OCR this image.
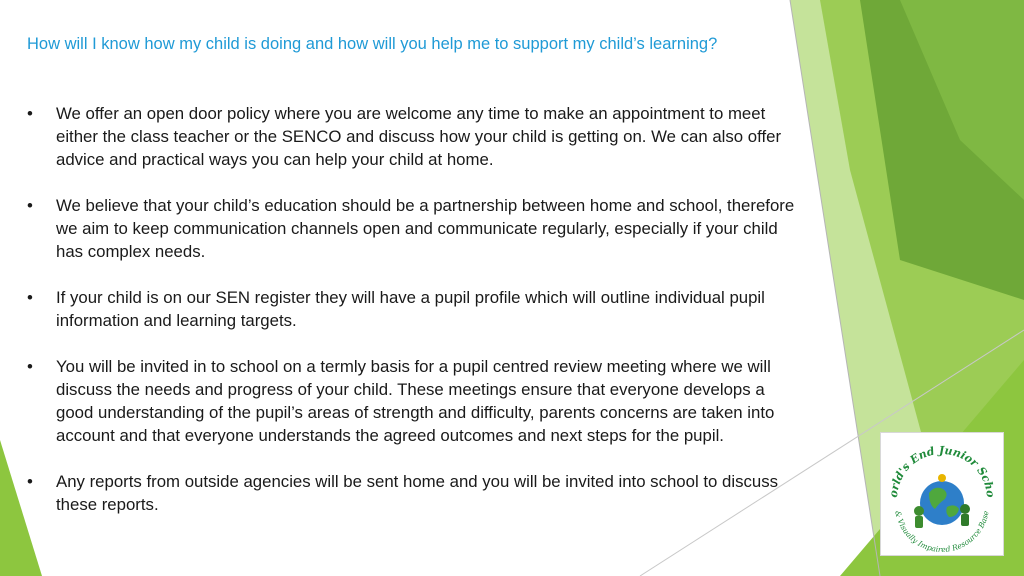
How will I know how my child is doing and how will you help me to support my child’s learning?
• We offer an open door policy where you are welcome any time to make an appointment to meet either the class teacher or the SENCO and discuss how your child is getting on. We can also offer advice and practical ways you can help your child at home.
• We believe that your child’s education should be a partnership between home and school, therefore we aim to keep communication channels open and communicate regularly, especially if your child has complex needs.
• If your child is on our SEN register they will have a pupil profile which will outline individual pupil information and learning targets.
• You will be invited in to school on a termly basis for a pupil centred review meeting where we will discuss the needs and progress of your child. These meetings ensure that everyone develops a good understanding of the pupil’s areas of strength and difficulty, parents concerns are taken into account and that everyone understands the agreed outcomes and next steps for the pupil.
• Any reports from outside agencies will be sent home and you will be invited into school to discuss these reports.
orld's End Junior Scho
& Visually Impaired Resource Base
